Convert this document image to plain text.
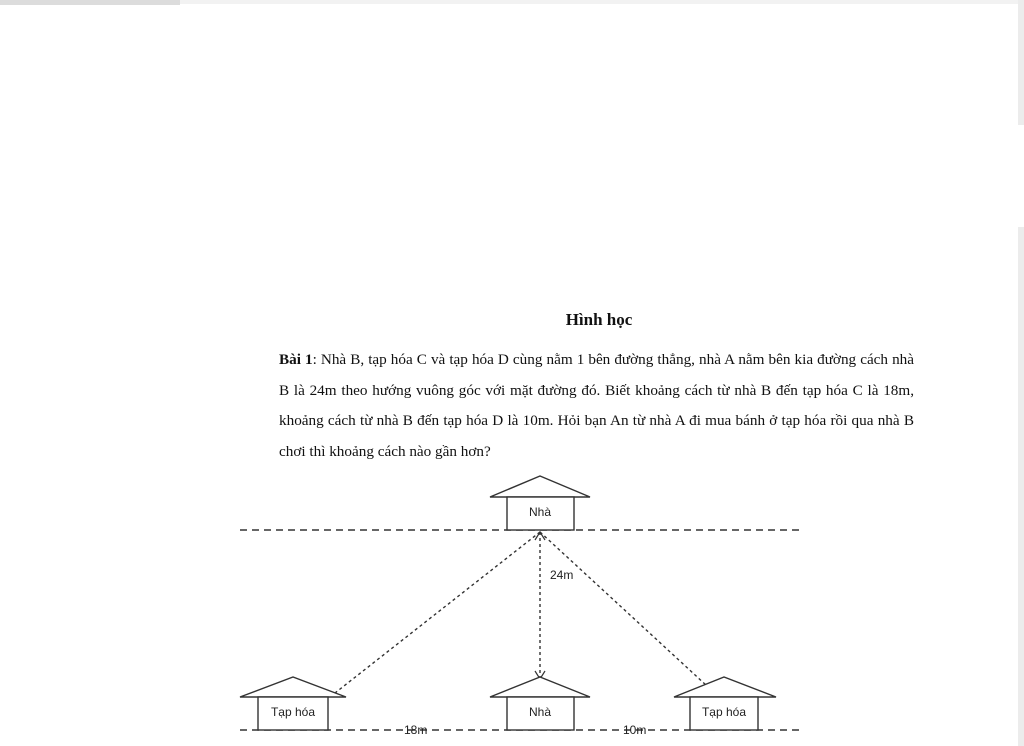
Hình học
Bài 1: Nhà B, tạp hóa C và tạp hóa D cùng nằm 1 bên đường thẳng, nhà A nằm bên kia đường cách nhà B là 24m theo hướng vuông góc với mặt đường đó. Biết khoảng cách từ nhà B đến tạp hóa C là 18m, khoảng cách từ nhà B đến tạp hóa D là 10m. Hỏi bạn An từ nhà A đi mua bánh ở tạp hóa rồi qua nhà B chơi thì khoảng cách nào gần hơn?
Nhà
Tạp hóa	Nhà	Tạp hóa
24m
18m	10m
